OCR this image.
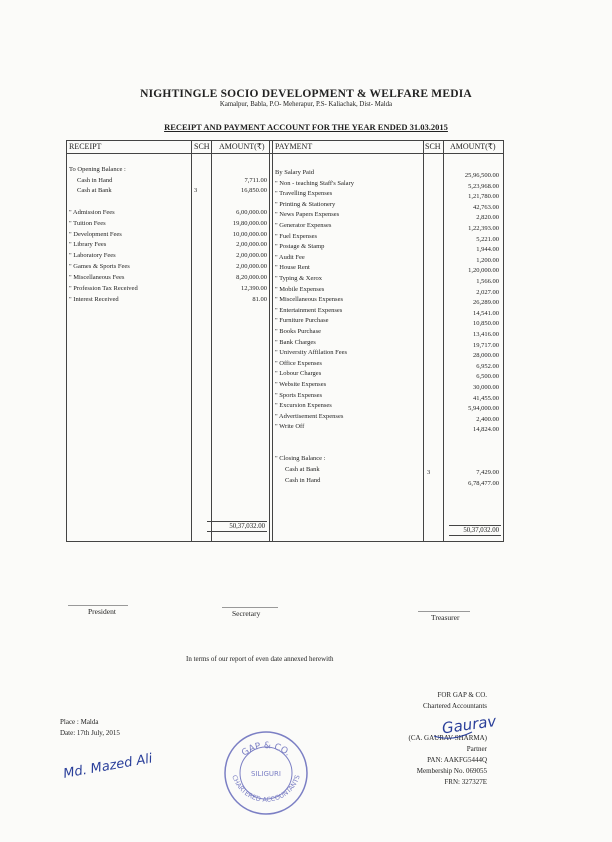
NIGHTINGLE SOCIO DEVELOPMENT & WELFARE MEDIA
Kamalpur, Babla, P.O- Meherapur, P.S- Kaliachak, Dist- Malda
RECEIPT AND PAYMENT ACCOUNT FOR THE YEAR ENDED 31.03.2015
RECEIPT	SCH AMOUNT(₹) PAYMENT	SCH AMOUNT(₹)
To Opening Balance :
Cash in Hand	7,711.00
Cash at Bank	3	16,850.00
" Admission Fees	6,00,000.00
" Tuition Fees	19,80,000.00
" Development Fees	10,00,000.00
" Library Fees	2,00,000.00
" Laboratory Fees	2,00,000.00
" Games & Sports Fees	2,00,000.00
" Miscellaneous Fees	8,20,000.00
" Profession Tax Received	12,390.00
" Interest Received	81.00
By Salary Paid	25,96,500.00
" Non - teaching Staff's Salary	5,23,968.00
" Travelling Expenses	1,21,780.00
" Printing & Stationery	42,763.00
" News Papers Expenses	2,820.00
" Generator Expenses	1,22,393.00
" Fuel Expenses	5,221.00
" Postage & Stamp	1,944.00
" Audit Fee	1,200.00
" House Rent	1,20,000.00
" Typing & Xerox	1,566.00
" Mobile Expenses	2,027.00
" Miscellaneous Expenses	26,289.00
" Entertainment Expenses	14,541.00
" Furniture Purchase	10,850.00
" Books Purchase	13,416.00
" Bank Charges	19,717.00
" University Affilation Fees	28,000.00
" Office Expenses	6,952.00
" Lobour Charges	6,500.00
" Website Expenses	30,000.00
" Sports Expenses	41,455.00
" Excursion Expenses	5,94,000.00
" Advertisement Expenses	2,400.00
" Write Off	14,824.00
" Closing Balance :
Cash at Bank	3	7,429.00
Cash in Hand	6,78,477.00
50,37,032.00
50,37,032.00
President	Secretary	Treasurer
In terms of our report of even date annexed herewith
FOR GAP & CO.
Chartered Accountants
(CA. GAURAV SHARMA)
Partner
PAN: AAKFG5444Q
Membership No. 069055
FRN: 327327E
Place : Malda
Date: 17th July, 2015
Md. Mazed Ali
Gaurav
GAP & CO.
SILIGURI
CHARTERED ACCOUNTANTS
